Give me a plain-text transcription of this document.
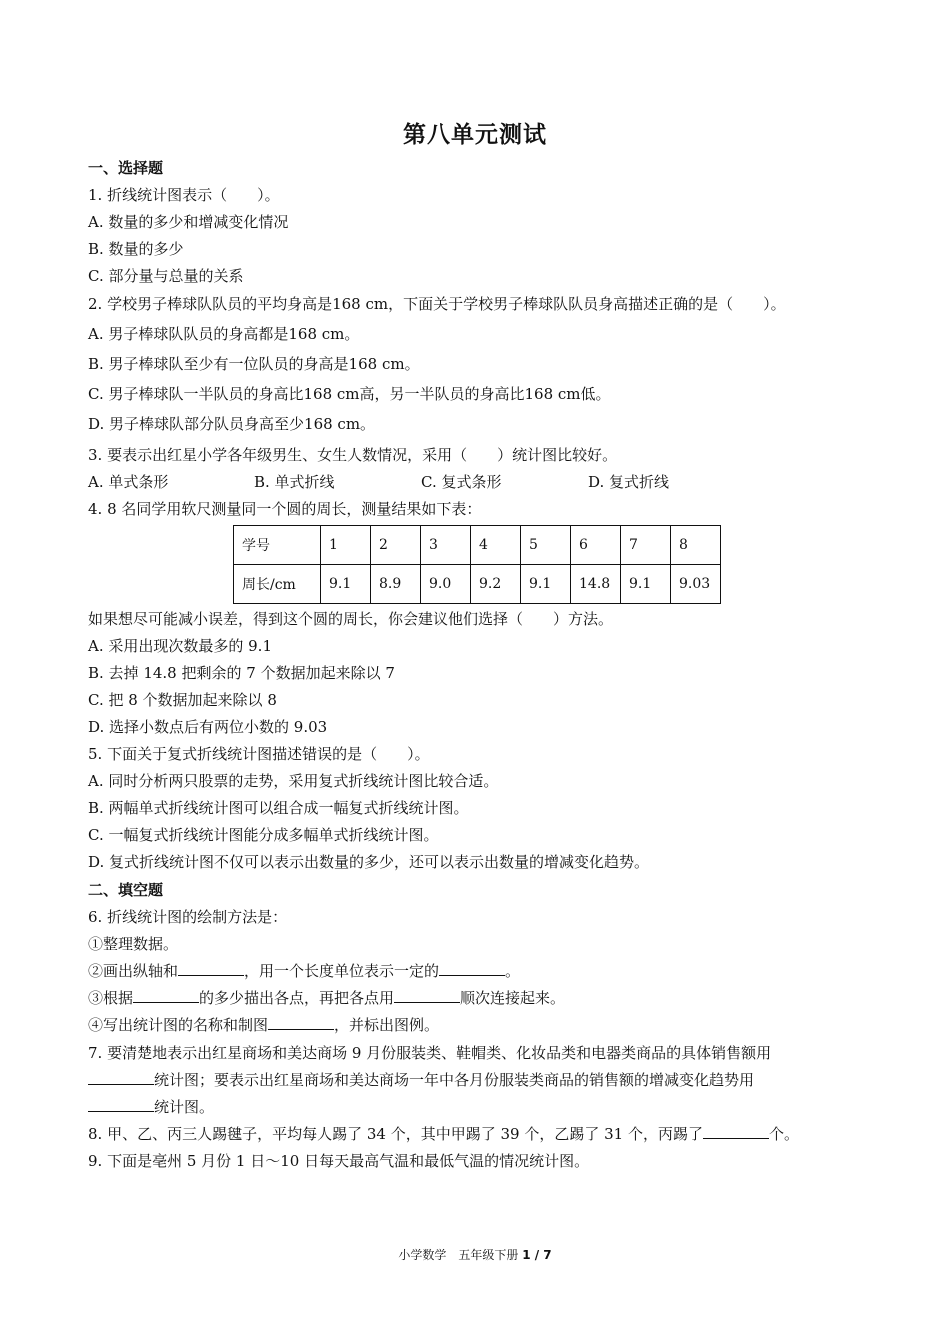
第八单元测试
一、选择题
1. 折线统计图表示（　　）。
A. 数量的多少和增减变化情况
B. 数量的多少
C. 部分量与总量的关系
2. 学校男子棒球队队员的平均身高是168 cm，下面关于学校男子棒球队队员身高描述正确的是（　　）。
A. 男子棒球队队员的身高都是168 cm。
B. 男子棒球队至少有一位队员的身高是168 cm。
C. 男子棒球队一半队员的身高比168 cm高，另一半队员的身高比168 cm低。
D. 男子棒球队部分队员身高至少168 cm。
3. 要表示出红星小学各年级男生、女生人数情况，采用（　　）统计图比较好。
A. 单式条形	B. 单式折线	C. 复式条形	D. 复式折线
4. 8 名同学用软尺测量同一个圆的周长，测量结果如下表：
学号	1	2	3	4	5	6	7	8
周长/cm	9.1	8.9	9.0	9.2	9.1	14.8	9.1	9.03
如果想尽可能减小误差，得到这个圆的周长，你会建议他们选择（　　）方法。
A. 采用出现次数最多的 9.1
B. 去掉 14.8 把剩余的 7 个数据加起来除以 7
C. 把 8 个数据加起来除以 8
D. 选择小数点后有两位小数的 9.03
5. 下面关于复式折线统计图描述错误的是（　　）。
A. 同时分析两只股票的走势，采用复式折线统计图比较合适。
B. 两幅单式折线统计图可以组合成一幅复式折线统计图。
C. 一幅复式折线统计图能分成多幅单式折线统计图。
D. 复式折线统计图不仅可以表示出数量的多少，还可以表示出数量的增减变化趋势。
二、填空题
6. 折线统计图的绘制方法是：
①整理数据。
②画出纵轴和	，用一个长度单位表示一定的	。
③根据	的多少描出各点，再把各点用	顺次连接起来。
④写出统计图的名称和制图	，并标出图例。
7. 要清楚地表示出红星商场和美达商场 9 月份服装类、鞋帽类、化妆品类和电器类商品的具体销售额用
统计图；要表示出红星商场和美达商场一年中各月份服装类商品的销售额的增减变化趋势用
统计图。
8. 甲、乙、丙三人踢毽子，平均每人踢了 34 个，其中甲踢了 39 个，乙踢了 31 个，丙踢了	个。
9. 下面是亳州 5 月份 1 日～10 日每天最高气温和最低气温的情况统计图。
小学数学　五年级下册 1 / 7
